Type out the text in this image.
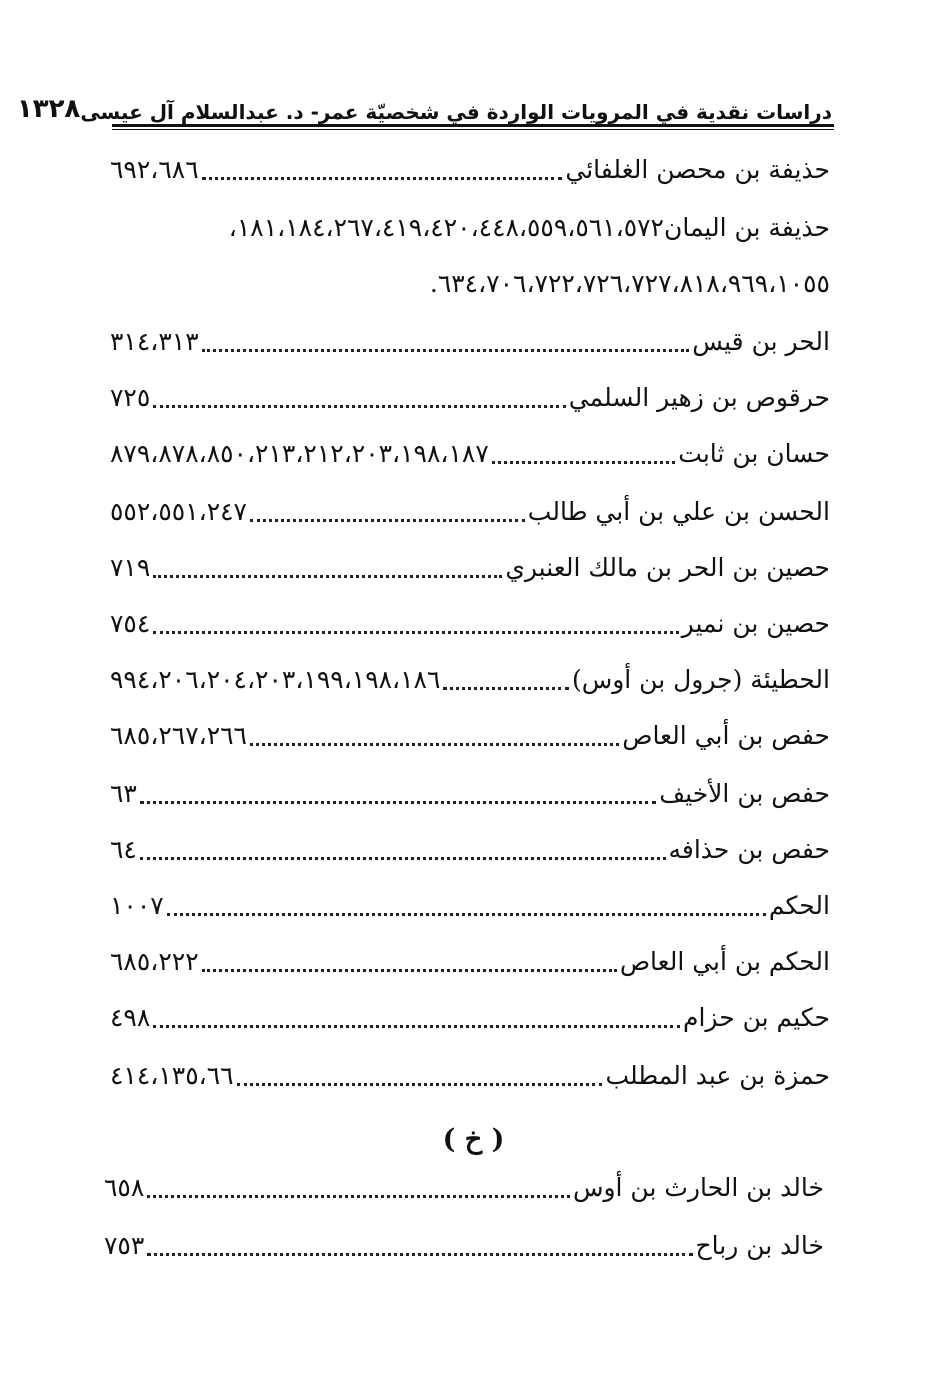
دراسات نقدية في المرويات الواردة في شخصيّة عمر- د. عبدالسلام آل عيسى
١٣٢٨
حذيفة بن محصن الغلفائي
٦٩٢،٦٨٦
حذيفة بن اليمان
١٨١،١٨٤،٢٦٧،٤١٩،٤٢٠،٤٤٨،٥٥٩،٥٦١،٥٧٢،
٦٣٤،٧٠٦،٧٢٢،٧٢٦،٧٢٧،٨١٨،٩٦٩،١٠٥٥.
الحر بن قيس
٣١٤،٣١٣
حرقوص بن زهير السلمي
٧٢٥
حسان بن ثابت
٨٧٩،٨٧٨،٨٥٠،٢١٣،٢١٢،٢٠٣،١٩٨،١٨٧
الحسن بن علي بن أبي طالب
٥٥٢،٥٥١،٢٤٧
حصين بن الحر بن مالك العنبري
٧١٩
حصين بن نمير
٧٥٤
الحطيئة (جرول بن أوس)
٩٩٤،٢٠٦،٢٠٤،٢٠٣،١٩٩،١٩٨،١٨٦
حفص بن أبي العاص
٦٨٥،٢٦٧،٢٦٦
حفص بن الأخيف
٦٣
حفص بن حذافه
٦٤
الحكم
١٠٠٧
الحكم بن أبي العاص
٦٨٥،٢٢٢
حكيم بن حزام
٤٩٨
حمزة بن عبد المطلب
٤١٤،١٣٥،٦٦
( خ )
خالد بن الحارث بن أوس
٦٥٨
خالد بن رباح
٧٥٣
